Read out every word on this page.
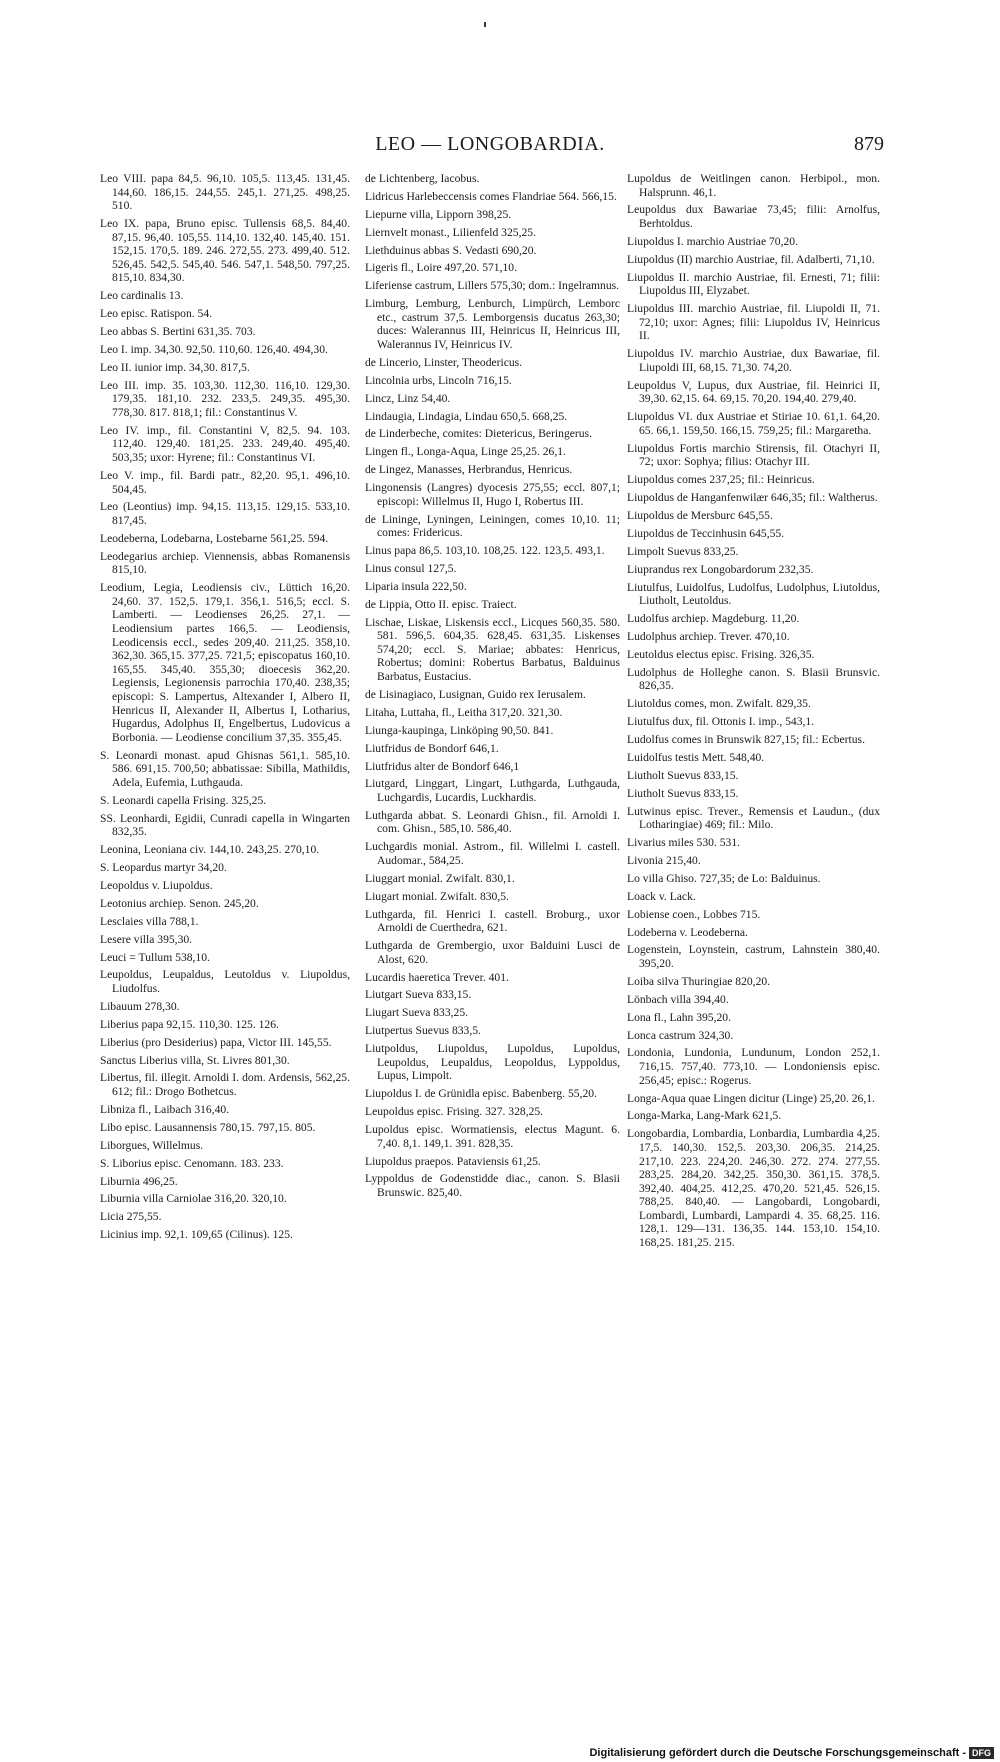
LEO — LONGOBARDIA.	879

Leo VIII. papa 84,5. 96,10. 105,5. 113,45. 131,45. 144,60. 186,15. 244,55. 245,1. 271,25. 498,25. 510.

Leo IX. papa, Bruno episc. Tullensis 68,5. 84,40. 87,15. 96,40. 105,55. 114,10. 132,40. 145,40. 151. 152,15. 170,5. 189. 246. 272,55. 273. 499,40. 512. 526,45. 542,5. 545,40. 546. 547,1. 548,50. 797,25. 815,10. 834,30.

Leo cardinalis 13.

Leo episc. Ratispon. 54.

Leo abbas S. Bertini 631,35. 703.

Leo I. imp. 34,30. 92,50. 110,60. 126,40. 494,30.

Leo II. iunior imp. 34,30. 817,5.

Leo III. imp. 35. 103,30. 112,30. 116,10. 129,30. 179,35. 181,10. 232. 233,5. 249,35. 495,30. 778,30. 817. 818,1; fil.: Constantinus V.

Leo IV. imp., fil. Constantini V, 82,5. 94. 103. 112,40. 129,40. 181,25. 233. 249,40. 495,40. 503,35; uxor: Hyrene; fil.: Constantinus VI.

Leo V. imp., fil. Bardi patr., 82,20. 95,1. 496,10. 504,45.

Leo (Leontius) imp. 94,15. 113,15. 129,15. 533,10. 817,45.

Leodeberna, Lodebarna, Lostebarne 561,25. 594.

Leodegarius archiep. Viennensis, abbas Romanensis 815,10.

Leodium, Legia, Leodiensis civ., Lüttich 16,20. 24,60. 37. 152,5. 179,1. 356,1. 516,5; eccl. S. Lamberti. — Leodienses 26,25. 27,1. — Leodiensium partes 166,5. — Leodiensis, Leodicensis eccl., sedes 209,40. 211,25. 358,10. 362,30. 365,15. 377,25. 721,5; episcopatus 160,10. 165,55. 345,40. 355,30; dioecesis 362,20. Legiensis, Legionensis parrochia 170,40. 238,35; episcopi: S. Lampertus, Altexander I, Albero II, Henricus II, Alexander II, Albertus I, Lotharius, Hugardus, Adolphus II, Engelbertus, Ludovicus a Borbonia. — Leodiense concilium 37,35. 355,45.

S. Leonardi monast. apud Ghisnas 561,1. 585,10. 586. 691,15. 700,50; abbatissae: Sibilla, Mathildis, Adela, Eufemia, Luthgauda.

S. Leonardi capella Frising. 325,25.

SS. Leonhardi, Egidii, Cunradi capella in Wingarten 832,35.

Leonina, Leoniana civ. 144,10. 243,25. 270,10.

S. Leopardus martyr 34,20.

Leopoldus v. Liupoldus.

Leotonius archiep. Senon. 245,20.

Lesclaies villa 788,1.

Lesere villa 395,30.

Leuci = Tullum 538,10.

Leupoldus, Leupaldus, Leutoldus v. Liupoldus, Liudolfus.

Libauum 278,30.

Liberius papa 92,15. 110,30. 125. 126.

Liberius (pro Desiderius) papa, Victor III. 145,55.

Sanctus Liberius villa, St. Livres 801,30.

Libertus, fil. illegit. Arnoldi I. dom. Ardensis, 562,25. 612; fil.: Drogo Bothetcus.

Libniza fl., Laibach 316,40.

Libo episc. Lausannensis 780,15. 797,15. 805.

Liborgues, Willelmus.

S. Liborius episc. Cenomann. 183. 233.

Liburnia 496,25.

Liburnia villa Carniolae 316,20. 320,10.

Licia 275,55.

Licinius imp. 92,1. 109,65 (Cilinus). 125.

de Lichtenberg, Iacobus.

Lidricus Harlebeccensis comes Flandriae 564. 566,15.

Liepurne villa, Lipporn 398,25.

Liernvelt monast., Lilienfeld 325,25.

Liethduinus abbas S. Vedasti 690,20.

Ligeris fl., Loire 497,20. 571,10.

Liferiense castrum, Lillers 575,30; dom.: Ingelramnus.

Limburg, Lemburg, Lenburch, Limpürch, Lemborc etc., castrum 37,5. Lemborgensis ducatus 263,30; duces: Walerannus III, Heinricus II, Heinricus III, Walerannus IV, Heinricus IV.

de Lincerio, Linster, Theodericus.

Lincolnia urbs, Lincoln 716,15.

Lincz, Linz 54,40.

Lindaugia, Lindagia, Lindau 650,5. 668,25.

de Linderbeche, comites: Dietericus, Beringerus.

Lingen fl., Longa-Aqua, Linge 25,25. 26,1.

de Lingez, Manasses, Herbrandus, Henricus.

Lingonensis (Langres) dyocesis 275,55; eccl. 807,1; episcopi: Willelmus II, Hugo I, Robertus III.

de Lininge, Lyningen, Leiningen, comes 10,10. 11; comes: Fridericus.

Linus papa 86,5. 103,10. 108,25. 122. 123,5. 493,1.

Linus consul 127,5.

Liparia insula 222,50.

de Lippia, Otto II. episc. Traiect.

Lischae, Liskae, Liskensis eccl., Licques 560,35. 580. 581. 596,5. 604,35. 628,45. 631,35. Liskenses 574,20; eccl. S. Mariae; abbates: Henricus, Robertus; domini: Robertus Barbatus, Balduinus Barbatus, Eustacius.

de Lisinagiaco, Lusignan, Guido rex Ierusalem.

Litaha, Luttaha, fl., Leitha 317,20. 321,30.

Liunga-kaupinga, Linköping 90,50. 841.

Liutfridus de Bondorf 646,1.

Liutfridus alter de Bondorf 646,1

Liutgard, Linggart, Lingart, Luthgarda, Luthgauda, Luchgardis, Lucardis, Luckhardis.

Luthgarda abbat. S. Leonardi Ghisn., fil. Arnoldi I. com. Ghisn., 585,10. 586,40.

Luchgardis monial. Astrom., fil. Willelmi I. castell. Audomar., 584,25.

Liuggart monial. Zwifalt. 830,1.

Liugart monial. Zwifalt. 830,5.

Luthgarda, fil. Henrici I. castell. Broburg., uxor Arnoldi de Cuerthedra, 621.

Luthgarda de Grembergio, uxor Balduini Lusci de Alost, 620.

Lucardis haeretica Trever. 401.

Liutgart Sueva 833,15.

Liugart Sueva 833,25.

Liutpertus Suevus 833,5.

Liutpoldus, Liupoldus, Lupoldus, Lupoldus, Leupoldus, Leupaldus, Leopoldus, Lyppoldus, Lupus, Limpolt.

Liupoldus I. de Grünidla episc. Babenberg. 55,20.

Leupoldus episc. Frising. 327. 328,25.

Lupoldus episc. Wormatiensis, electus Magunt. 6. 7,40. 8,1. 149,1. 391. 828,35.

Liupoldus praepos. Pataviensis 61,25.

Lyppoldus de Godenstidde diac., canon. S. Blasii Brunswic. 825,40.

Lupoldus de Weitlingen canon. Herbipol., mon. Halsprunn. 46,1.

Leupoldus dux Bawariae 73,45; filii: Arnolfus, Berhtoldus.

Liupoldus I. marchio Austriae 70,20.

Liupoldus (II) marchio Austriae, fil. Adalberti, 71,10.

Liupoldus II. marchio Austriae, fil. Ernesti, 71; filii: Liupoldus III, Elyzabet.

Liupoldus III. marchio Austriae, fil. Liupoldi II, 71. 72,10; uxor: Agnes; filii: Liupoldus IV, Heinricus II.

Liupoldus IV. marchio Austriae, dux Bawariae, fil. Liupoldi III, 68,15. 71,30. 74,20.

Leupoldus V, Lupus, dux Austriae, fil. Heinrici II, 39,30. 62,15. 64. 69,15. 70,20. 194,40. 279,40.

Liupoldus VI. dux Austriae et Stiriae 10. 61,1. 64,20. 65. 66,1. 159,50. 166,15. 759,25; fil.: Margaretha.

Liupoldus Fortis marchio Stirensis, fil. Otachyri II, 72; uxor: Sophya; filius: Otachyr III.

Liupoldus comes 237,25; fil.: Heinricus.

Liupoldus de Hanganfenwilær 646,35; fil.: Waltherus.

Liupoldus de Mersburc 645,55.

Liupoldus de Teccinhusin 645,55.

Limpolt Suevus 833,25.

Liuprandus rex Longobardorum 232,35.

Liutulfus, Luidolfus, Ludolfus, Ludolphus, Liutoldus, Liutholt, Leutoldus.

Ludolfus archiep. Magdeburg. 11,20.

Ludolphus archiep. Trever. 470,10.

Leutoldus electus episc. Frising. 326,35.

Ludolphus de Holleghe canon. S. Blasii Brunsvic. 826,35.

Liutoldus comes, mon. Zwifalt. 829,35.

Liutulfus dux, fil. Ottonis I. imp., 543,1.

Ludolfus comes in Brunswik 827,15; fil.: Ecbertus.

Luidolfus testis Mett. 548,40.

Liutholt Suevus 833,15.

Liutholt Suevus 833,15.

Lutwinus episc. Trever., Remensis et Laudun., (dux Lotharingiae) 469; fil.: Milo.

Livarius miles 530. 531.

Livonia 215,40.

Lo villa Ghiso. 727,35; de Lo: Balduinus.

Loack v. Lack.

Lobiense coen., Lobbes 715.

Lodeberna v. Leodeberna.

Logenstein, Loynstein, castrum, Lahnstein 380,40. 395,20.

Loiba silva Thuringiae 820,20.

Lönbach villa 394,40.

Lona fl., Lahn 395,20.

Lonca castrum 324,30.

Londonia, Lundonia, Lundunum, London 252,1. 716,15. 757,40. 773,10. — Londoniensis episc. 256,45; episc.: Rogerus.

Longa-Aqua quae Lingen dicitur (Linge) 25,20. 26,1.

Longa-Marka, Lang-Mark 621,5.

Longobardia, Lombardia, Lonbardia, Lumbardia 4,25. 17,5. 140,30. 152,5. 203,30. 206,35. 214,25. 217,10. 223. 224,20. 246,30. 272. 274. 277,55. 283,25. 284,20. 342,25. 350,30. 361,15. 378,5. 392,40. 404,25. 412,25. 470,20. 521,45. 526,15. 788,25. 840,40. — Langobardi, Longobardi, Lombardi, Lumbardi, Lampardi 4. 35. 68,25. 116. 128,1. 129—131. 136,35. 144. 153,10. 154,10. 168,25. 181,25. 215.

Digitalisierung gefördert durch die Deutsche Forschungsgemeinschaft - DFG
